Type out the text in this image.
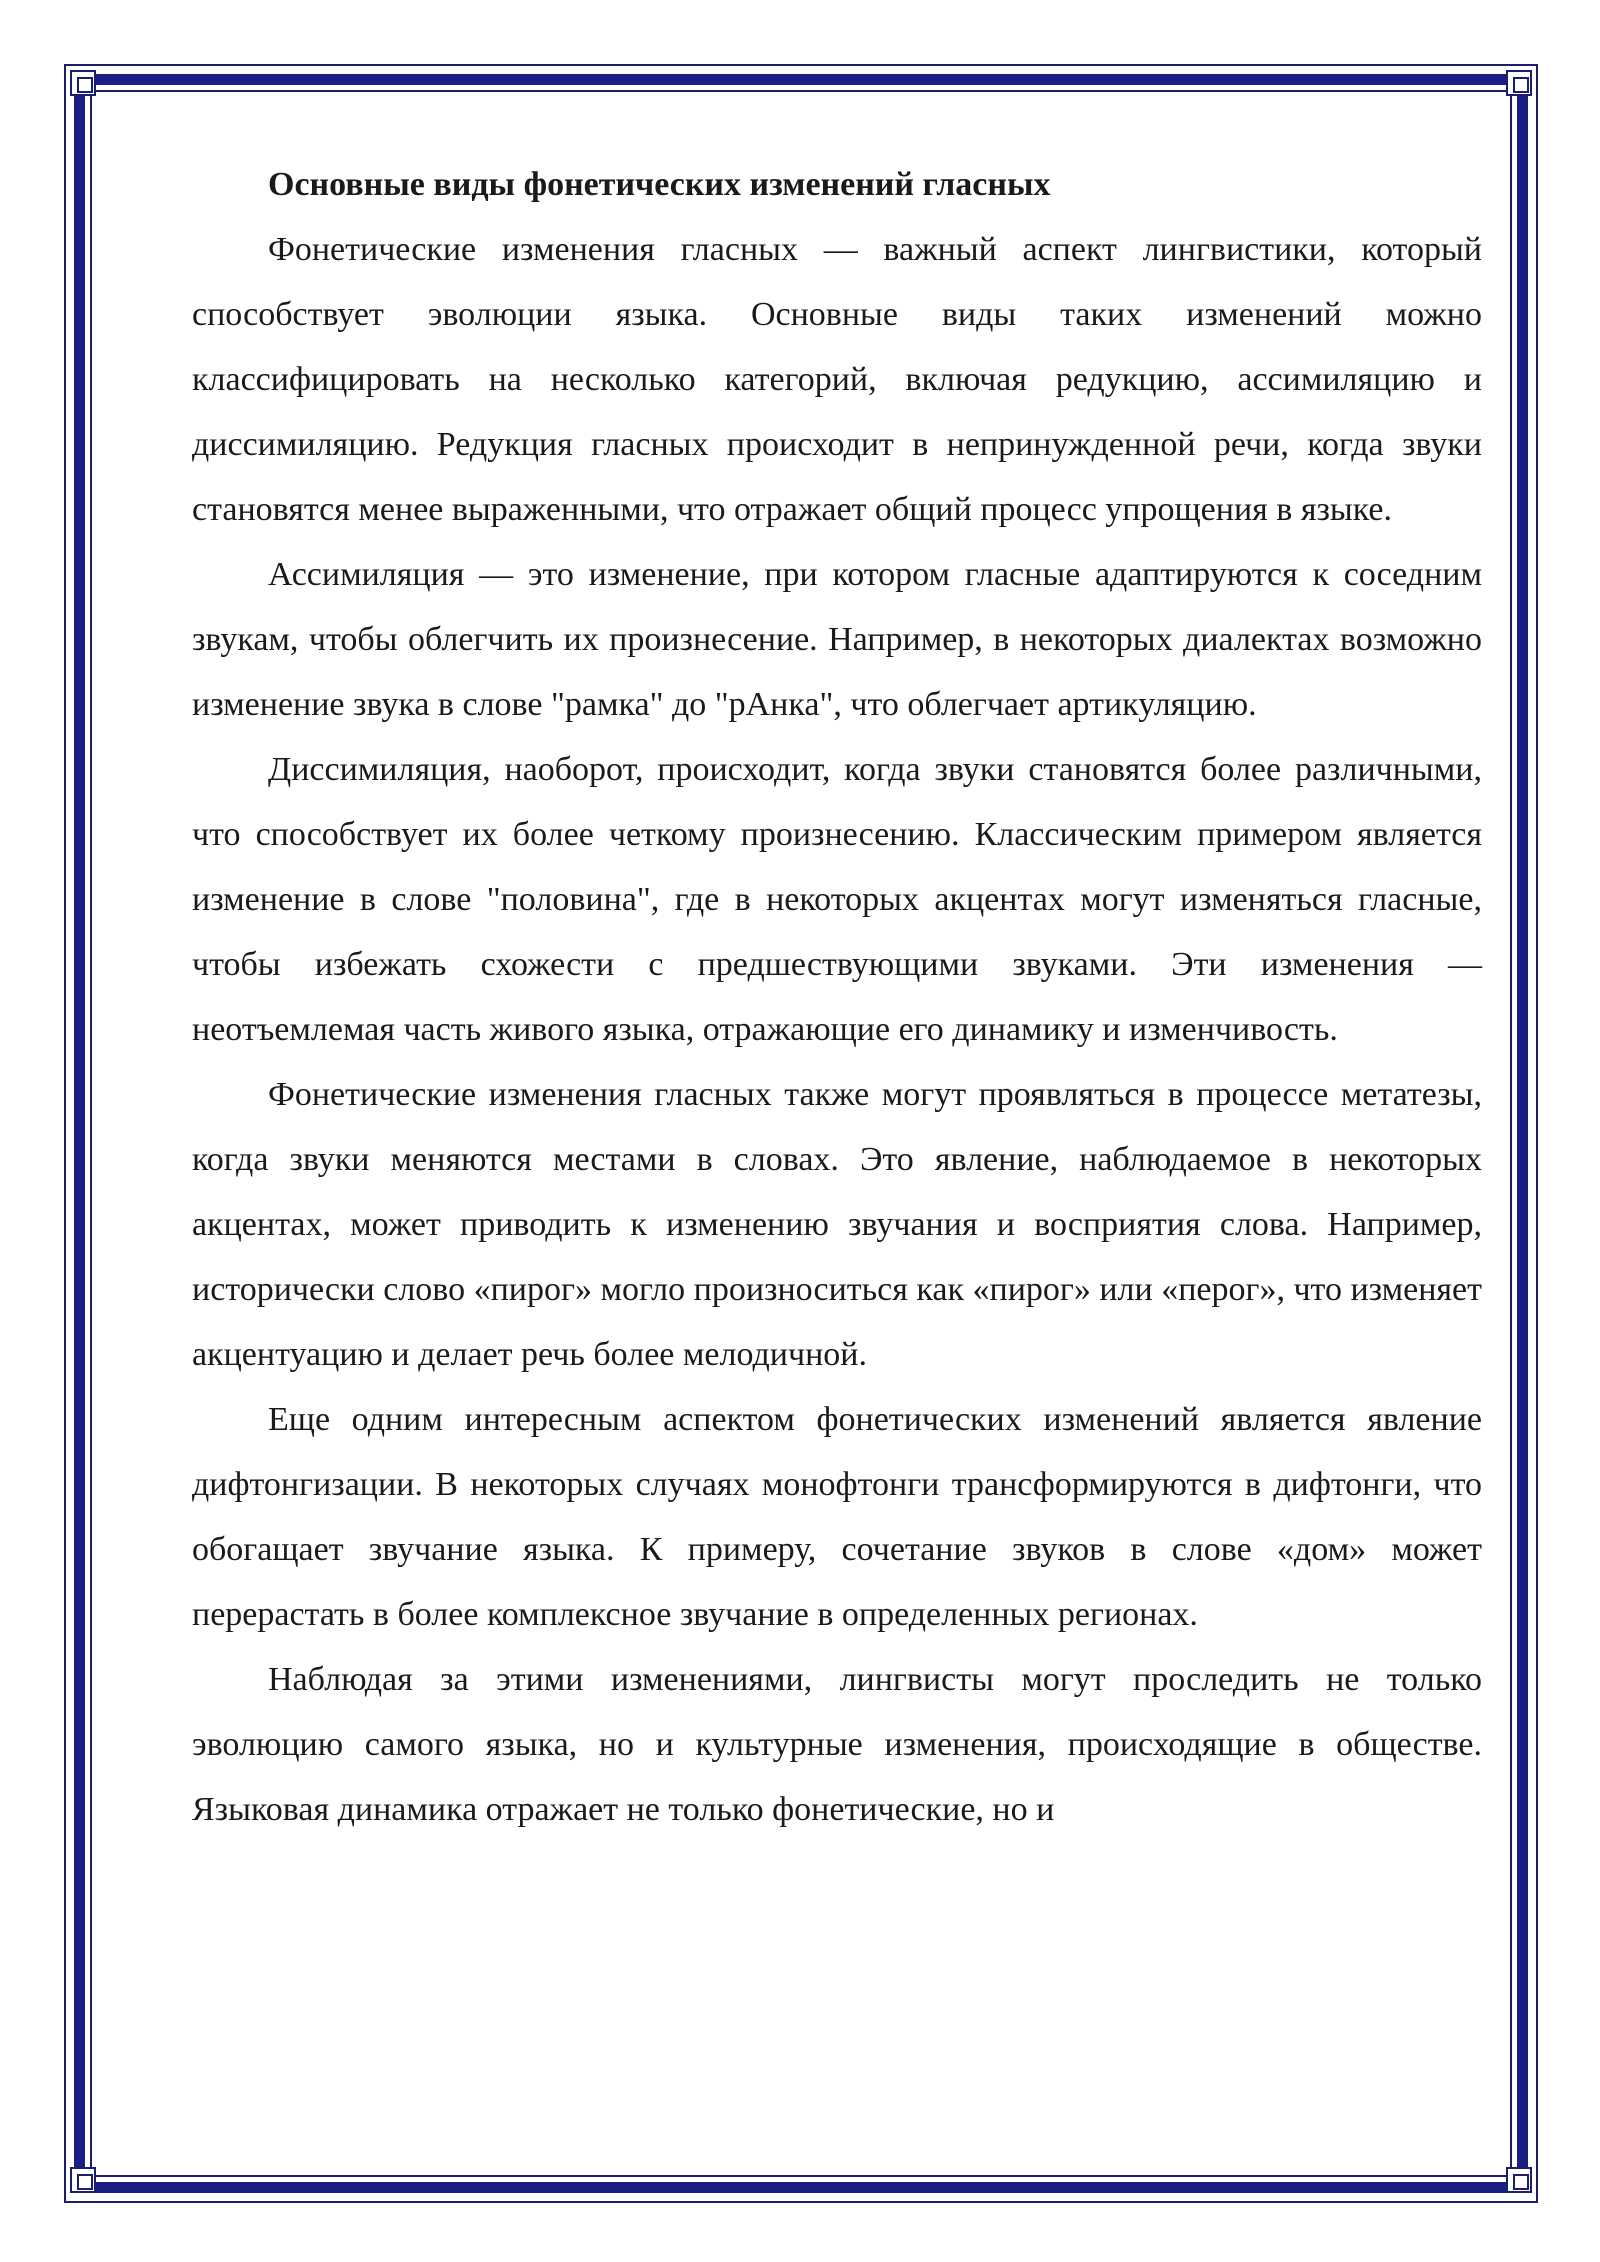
Основные виды фонетических изменений гласных

Фонетические изменения гласных — важный аспект лингвистики, который способствует эволюции языка. Основные виды таких изменений можно классифицировать на несколько категорий, включая редукцию, ассимиляцию и диссимиляцию. Редукция гласных происходит в непринужденной речи, когда звуки становятся менее выраженными, что отражает общий процесс упрощения в языке.

Ассимиляция — это изменение, при котором гласные адаптируются к соседним звукам, чтобы облегчить их произнесение. Например, в некоторых диалектах возможно изменение звука в слове "рамка" до "рАнка", что облегчает артикуляцию.

Диссимиляция, наоборот, происходит, когда звуки становятся более различными, что способствует их более четкому произнесению. Классическим примером является изменение в слове "половина", где в некоторых акцентах могут изменяться гласные, чтобы избежать схожести с предшествующими звуками. Эти изменения — неотъемлемая часть живого языка, отражающие его динамику и изменчивость.

Фонетические изменения гласных также могут проявляться в процессе метатезы, когда звуки меняются местами в словах. Это явление, наблюдаемое в некоторых акцентах, может приводить к изменению звучания и восприятия слова. Например, исторически слово «пирог» могло произноситься как «пирог» или «перог», что изменяет акцентуацию и делает речь более мелодичной.

Еще одним интересным аспектом фонетических изменений является явление дифтонгизации. В некоторых случаях монофтонги трансформируются в дифтонги, что обогащает звучание языка. К примеру, сочетание звуков в слове «дом» может перерастать в более комплексное звучание в определенных регионах.

Наблюдая за этими изменениями, лингвисты могут проследить не только эволюцию самого языка, но и культурные изменения, происходящие в обществе. Языковая динамика отражает не только фонетические, но и
